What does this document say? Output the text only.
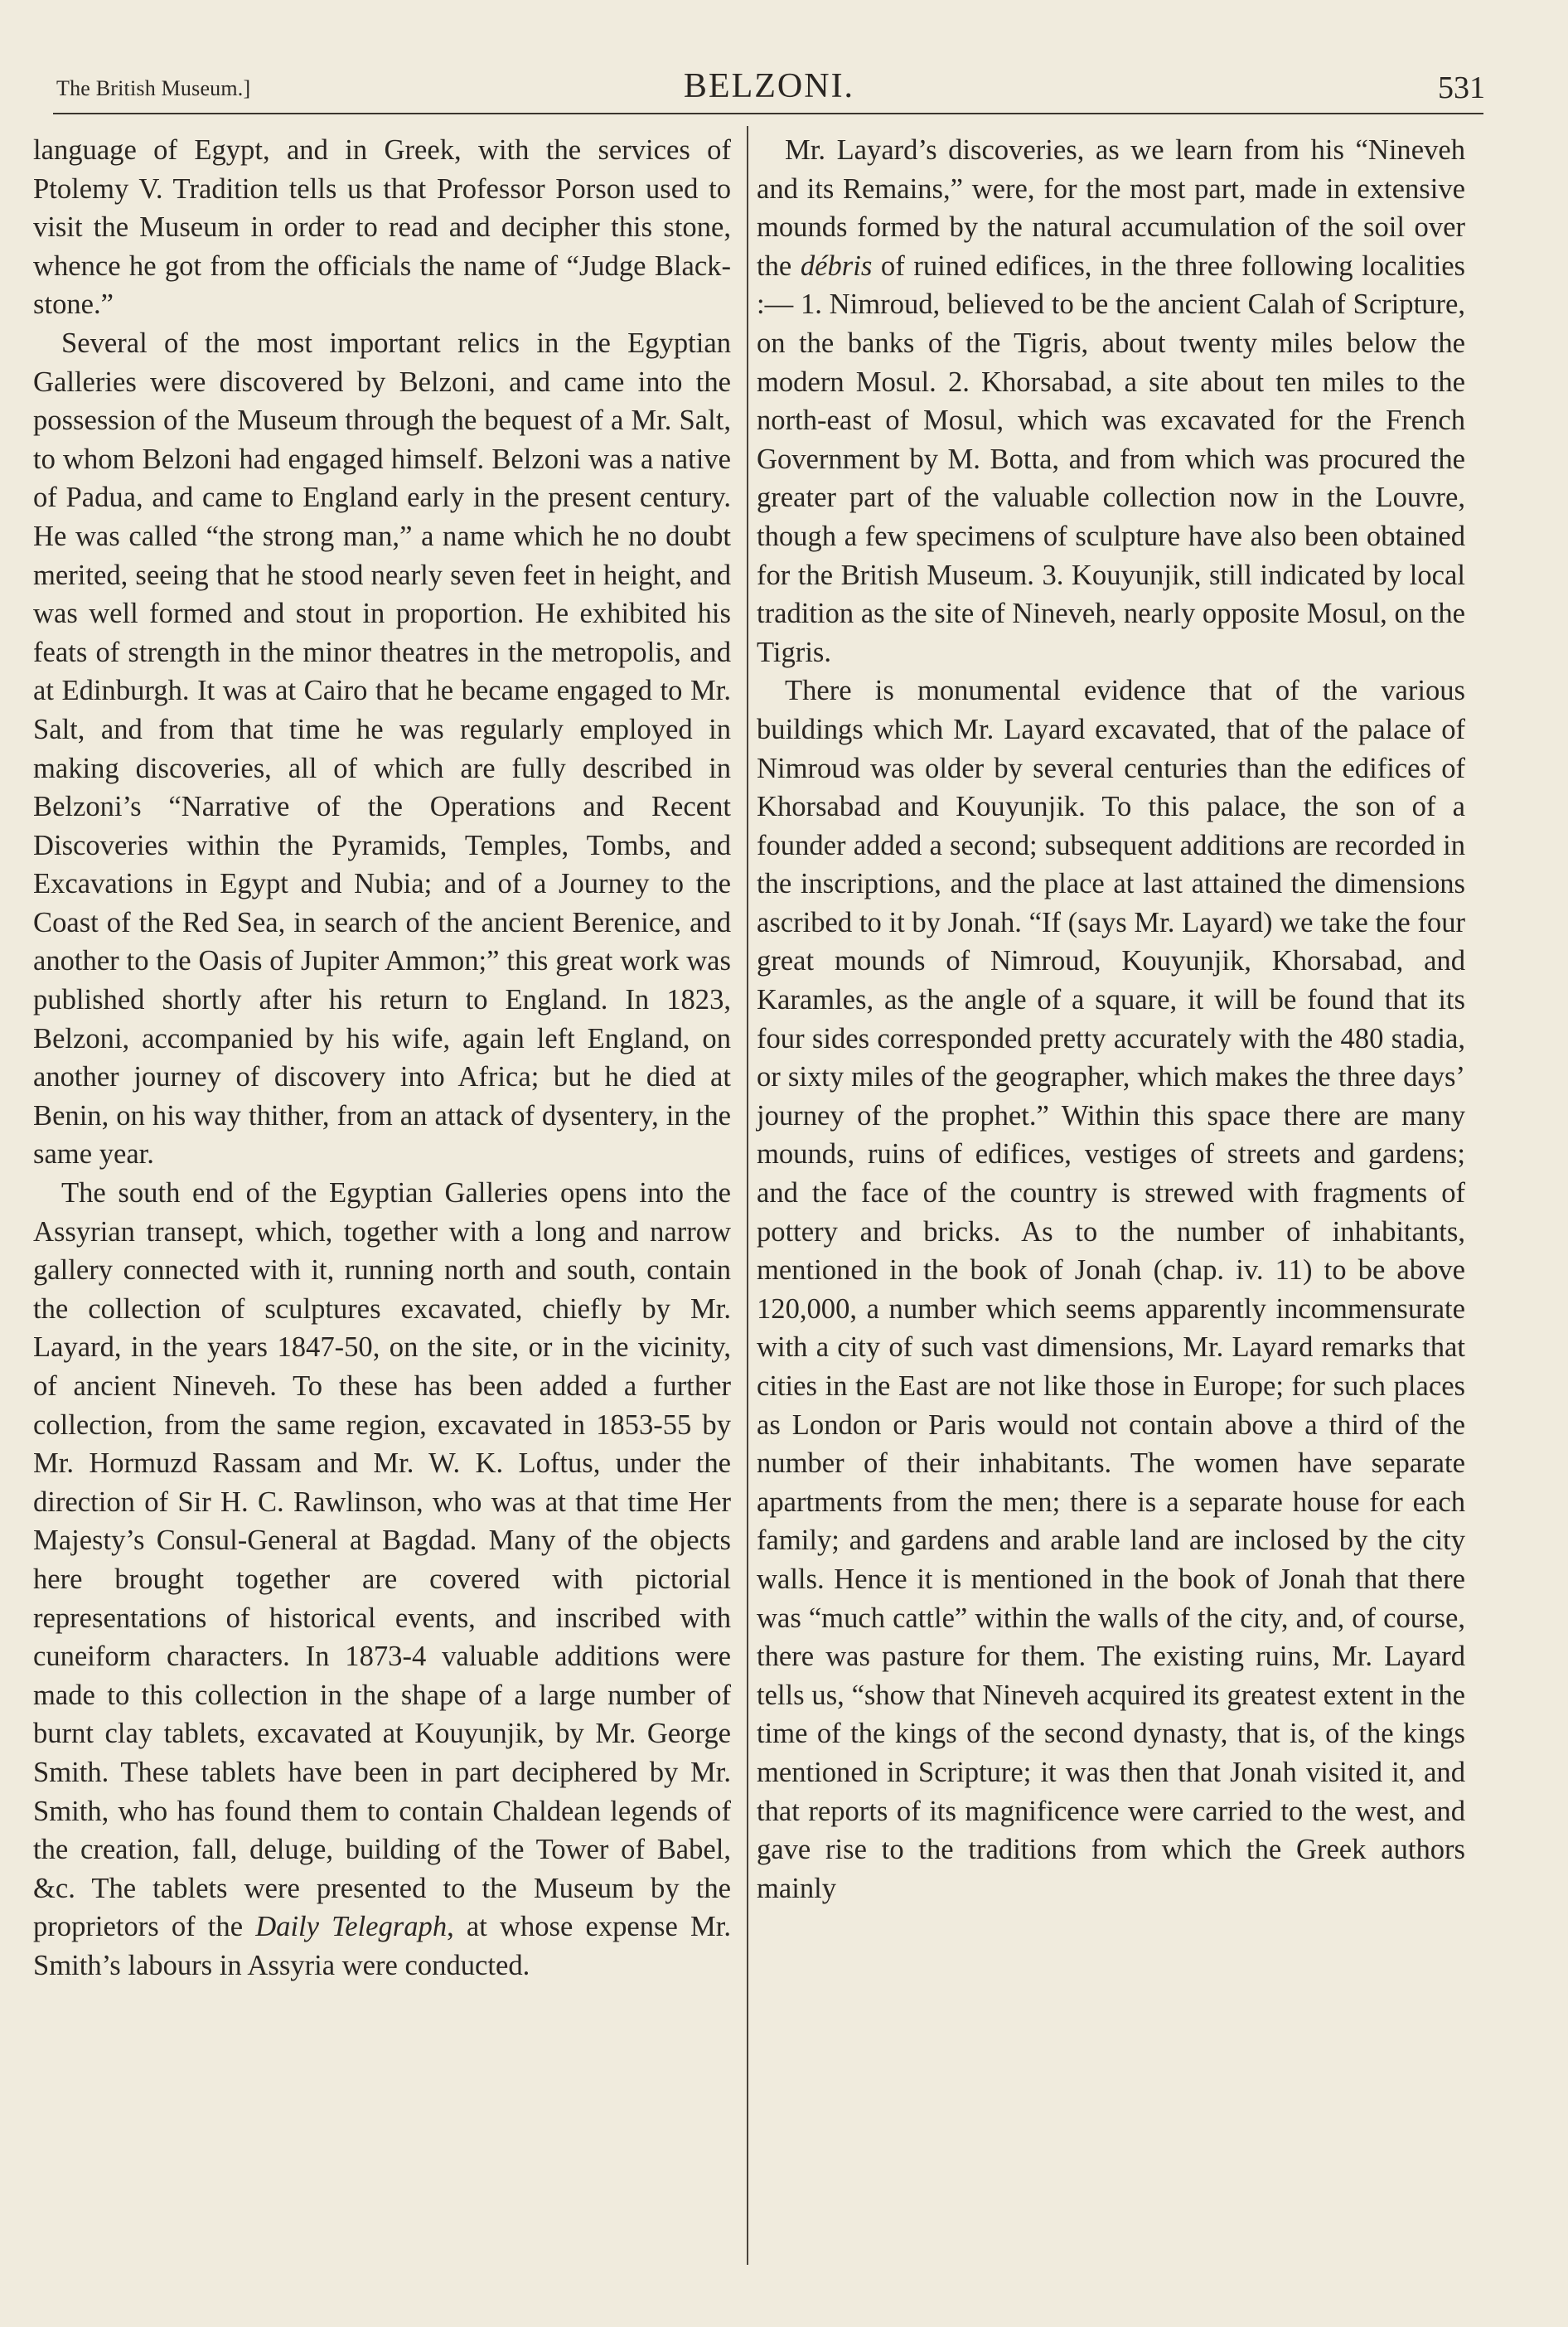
The British Museum.]	BELZONI.	531

language of Egypt, and in Greek, with the services of Ptolemy V. Tradition tells us that Professor Porson used to visit the Museum in order to read and decipher this stone, whence he got from the officials the name of “Judge Black-stone.”

Several of the most important relics in the Egyptian Galleries were discovered by Belzoni, and came into the possession of the Museum through the bequest of a Mr. Salt, to whom Belzoni had engaged himself. Belzoni was a native of Padua, and came to England early in the present century. He was called “the strong man,” a name which he no doubt merited, seeing that he stood nearly seven feet in height, and was well formed and stout in proportion. He exhibited his feats of strength in the minor theatres in the metropolis, and at Edinburgh. It was at Cairo that he became engaged to Mr. Salt, and from that time he was regularly employed in making discoveries, all of which are fully described in Belzoni’s “Narrative of the Operations and Recent Discoveries within the Pyramids, Temples, Tombs, and Excavations in Egypt and Nubia; and of a Journey to the Coast of the Red Sea, in search of the ancient Berenice, and another to the Oasis of Jupiter Ammon;” this great work was published shortly after his return to England. In 1823, Belzoni, accompanied by his wife, again left England, on another journey of discovery into Africa; but he died at Benin, on his way thither, from an attack of dysentery, in the same year.

The south end of the Egyptian Galleries opens into the Assyrian transept, which, together with a long and narrow gallery connected with it, running north and south, contain the collection of sculptures excavated, chiefly by Mr. Layard, in the years 1847-50, on the site, or in the vicinity, of ancient Nineveh. To these has been added a further collection, from the same region, excavated in 1853-55 by Mr. Hormuzd Rassam and Mr. W. K. Loftus, under the direction of Sir H. C. Rawlinson, who was at that time Her Majesty’s Consul-General at Bagdad. Many of the objects here brought together are covered with pictorial representations of historical events, and inscribed with cuneiform characters. In 1873-4 valuable additions were made to this collection in the shape of a large number of burnt clay tablets, excavated at Kouyunjik, by Mr. George Smith. These tablets have been in part deciphered by Mr. Smith, who has found them to contain Chaldean legends of the creation, fall, deluge, building of the Tower of Babel, &c. The tablets were presented to the Museum by the proprietors of the Daily Telegraph, at whose expense Mr. Smith’s labours in Assyria were conducted.

Mr. Layard’s discoveries, as we learn from his “Nineveh and its Remains,” were, for the most part, made in extensive mounds formed by the natural accumulation of the soil over the débris of ruined edifices, in the three following localities :— 1. Nimroud, believed to be the ancient Calah of Scripture, on the banks of the Tigris, about twenty miles below the modern Mosul. 2. Khorsabad, a site about ten miles to the north-east of Mosul, which was excavated for the French Government by M. Botta, and from which was procured the greater part of the valuable collection now in the Louvre, though a few specimens of sculpture have also been obtained for the British Museum. 3. Kouyunjik, still indicated by local tradition as the site of Nineveh, nearly opposite Mosul, on the Tigris.

There is monumental evidence that of the various buildings which Mr. Layard excavated, that of the palace of Nimroud was older by several centuries than the edifices of Khorsabad and Kouyunjik. To this palace, the son of a founder added a second; subsequent additions are recorded in the inscriptions, and the place at last attained the dimensions ascribed to it by Jonah. “If (says Mr. Layard) we take the four great mounds of Nimroud, Kouyunjik, Khorsabad, and Karamles, as the angle of a square, it will be found that its four sides corresponded pretty accurately with the 480 stadia, or sixty miles of the geographer, which makes the three days’ journey of the prophet.” Within this space there are many mounds, ruins of edifices, vestiges of streets and gardens; and the face of the country is strewed with fragments of pottery and bricks. As to the number of inhabitants, mentioned in the book of Jonah (chap. iv. 11) to be above 120,000, a number which seems apparently incommensurate with a city of such vast dimensions, Mr. Layard remarks that cities in the East are not like those in Europe; for such places as London or Paris would not contain above a third of the number of their inhabitants. The women have separate apartments from the men; there is a separate house for each family; and gardens and arable land are inclosed by the city walls. Hence it is mentioned in the book of Jonah that there was “much cattle” within the walls of the city, and, of course, there was pasture for them. The existing ruins, Mr. Layard tells us, “show that Nineveh acquired its greatest extent in the time of the kings of the second dynasty, that is, of the kings mentioned in Scripture; it was then that Jonah visited it, and that reports of its magnificence were carried to the west, and gave rise to the traditions from which the Greek authors mainly
